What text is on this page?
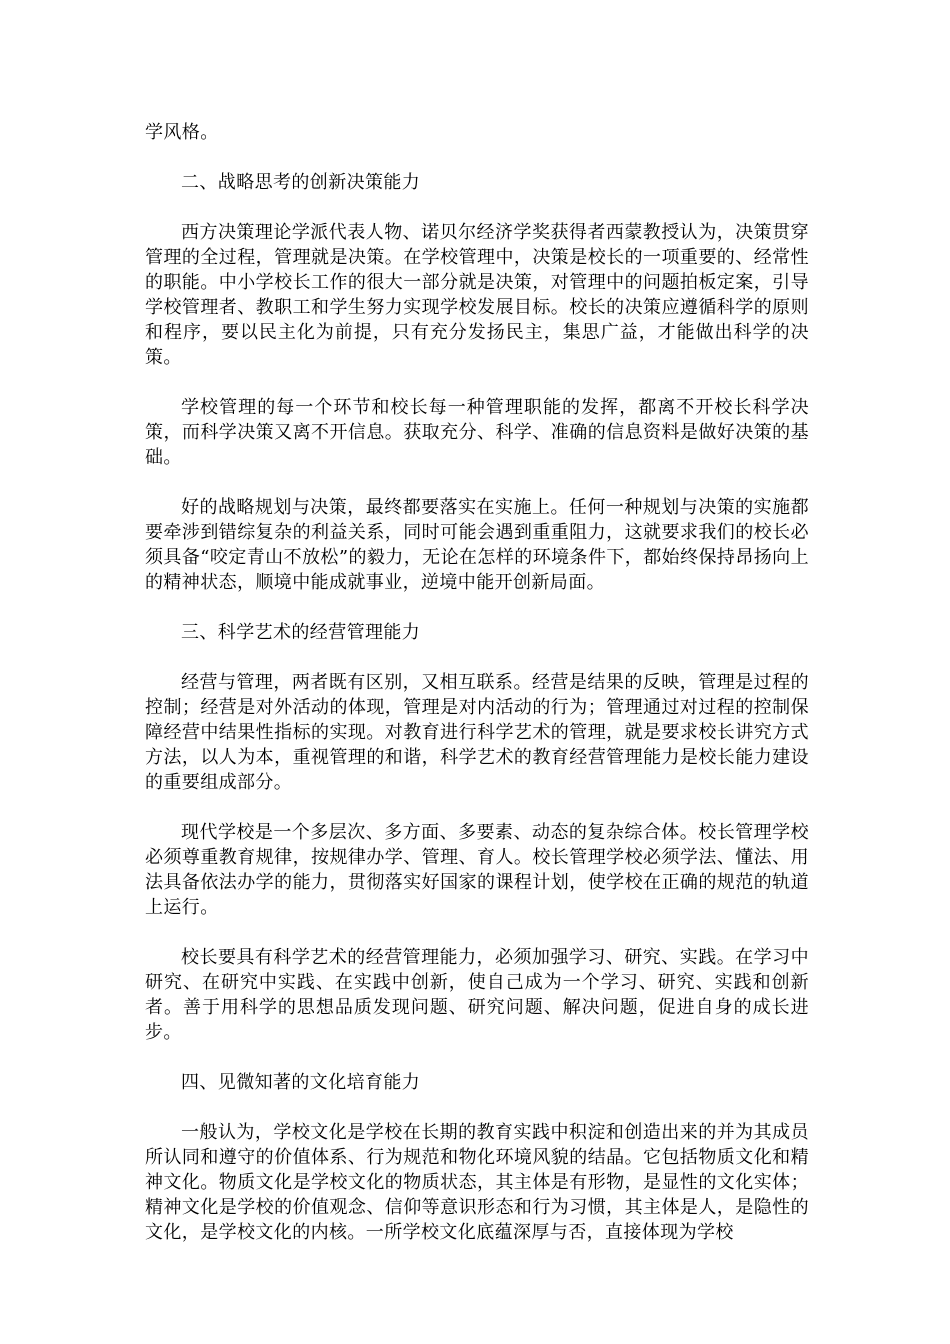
学风格。

二、战略思考的创新决策能力

西方决策理论学派代表人物、诺贝尔经济学奖获得者西蒙教授认为，决策贯穿管理的全过程，管理就是决策。在学校管理中，决策是校长的一项重要的、经常性的职能。中小学校长工作的很大一部分就是决策，对管理中的问题拍板定案，引导学校管理者、教职工和学生努力实现学校发展目标。校长的决策应遵循科学的原则和程序，要以民主化为前提，只有充分发扬民主，集思广益，才能做出科学的决策。

学校管理的每一个环节和校长每一种管理职能的发挥，都离不开校长科学决策，而科学决策又离不开信息。获取充分、科学、准确的信息资料是做好决策的基础。

好的战略规划与决策，最终都要落实在实施上。任何一种规划与决策的实施都要牵涉到错综复杂的利益关系，同时可能会遇到重重阻力，这就要求我们的校长必须具备“咬定青山不放松”的毅力，无论在怎样的环境条件下，都始终保持昂扬向上的精神状态，顺境中能成就事业，逆境中能开创新局面。

三、科学艺术的经营管理能力

经营与管理，两者既有区别，又相互联系。经营是结果的反映，管理是过程的控制；经营是对外活动的体现，管理是对内活动的行为；管理通过对过程的控制保障经营中结果性指标的实现。对教育进行科学艺术的管理，就是要求校长讲究方式方法，以人为本，重视管理的和谐，科学艺术的教育经营管理能力是校长能力建设的重要组成部分。

现代学校是一个多层次、多方面、多要素、动态的复杂综合体。校长管理学校必须尊重教育规律，按规律办学、管理、育人。校长管理学校必须学法、懂法、用法具备依法办学的能力，贯彻落实好国家的课程计划，使学校在正确的规范的轨道上运行。

校长要具有科学艺术的经营管理能力，必须加强学习、研究、实践。在学习中研究、在研究中实践、在实践中创新，使自己成为一个学习、研究、实践和创新者。善于用科学的思想品质发现问题、研究问题、解决问题，促进自身的成长进步。

四、见微知著的文化培育能力

一般认为，学校文化是学校在长期的教育实践中积淀和创造出来的并为其成员所认同和遵守的价值体系、行为规范和物化环境风貌的结晶。它包括物质文化和精神文化。物质文化是学校文化的物质状态，其主体是有形物，是显性的文化实体；精神文化是学校的价值观念、信仰等意识形态和行为习惯，其主体是人，是隐性的文化，是学校文化的内核。一所学校文化底蕴深厚与否，直接体现为学校
